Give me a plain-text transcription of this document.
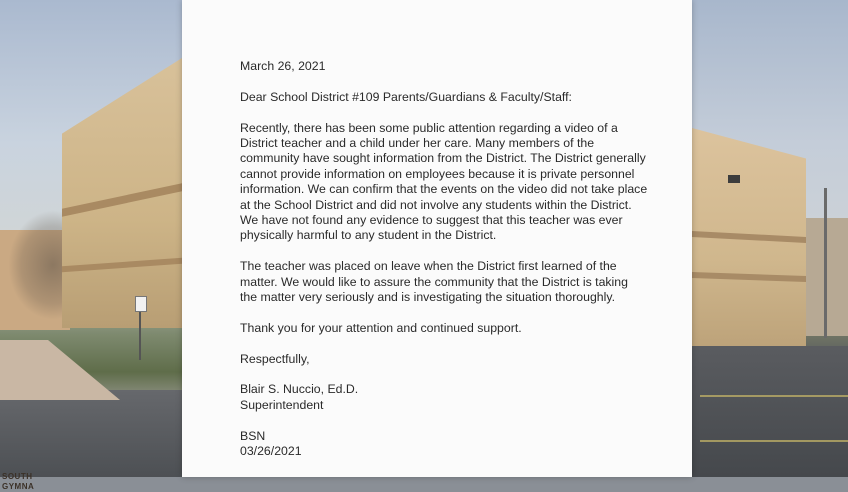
SOUTH
GYMNA

March 26, 2021

Dear School District #109 Parents/Guardians & Faculty/Staff:

Recently, there has been some public attention regarding a video of a
District teacher and a child under her care. Many members of the
community have sought information from the District. The District generally
cannot provide information on employees because it is private personnel
information. We can confirm that the events on the video did not take place
at the School District and did not involve any students within the District.
We have not found any evidence to suggest that this teacher was ever
physically harmful to any student in the District.

The teacher was placed on leave when the District first learned of the
matter. We would like to assure the community that the District is taking
the matter very seriously and is investigating the situation thoroughly.

Thank you for your attention and continued support.

Respectfully,

Blair S. Nuccio, Ed.D.

Superintendent

BSN

03/26/2021
